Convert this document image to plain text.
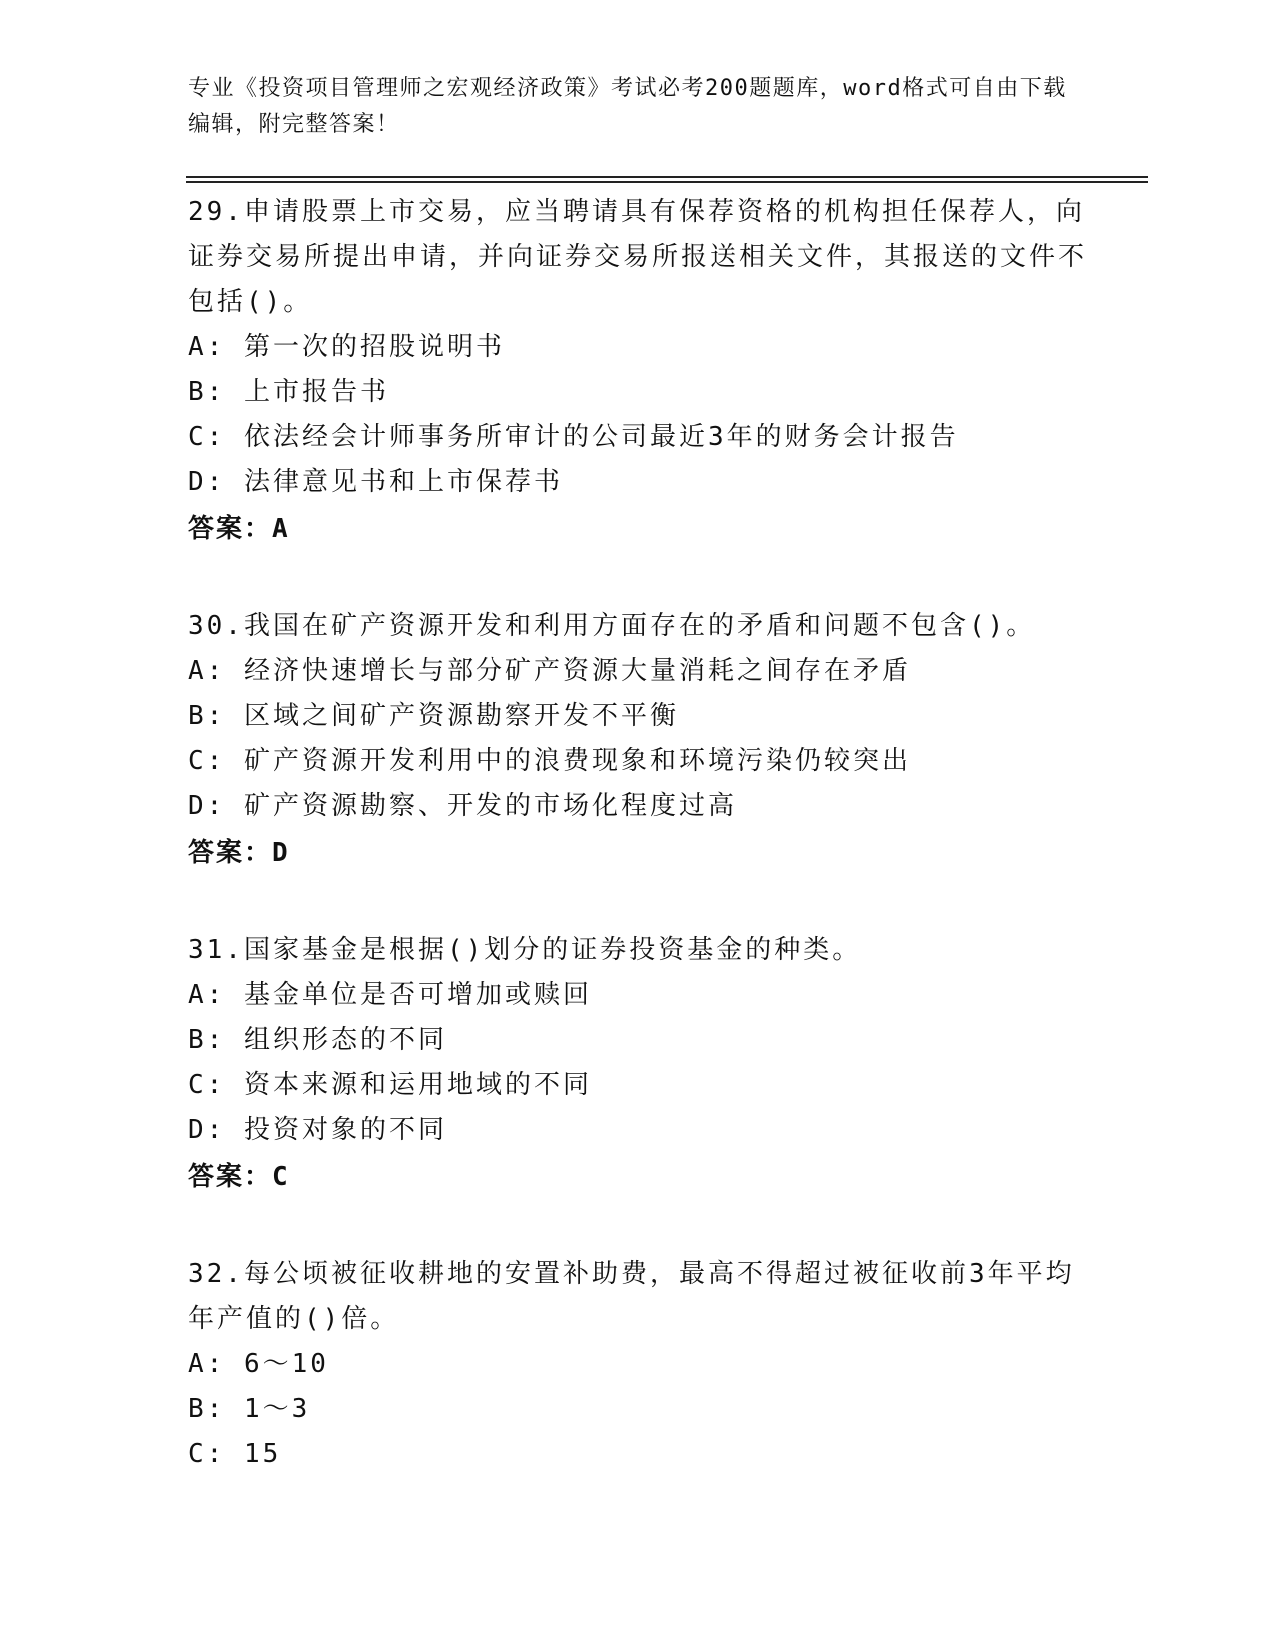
专业《投资项目管理师之宏观经济政策》考试必考200题题库，word格式可自由下载编辑，附完整答案！
29.申请股票上市交易，应当聘请具有保荐资格的机构担任保荐人，向证券交易所提出申请，并向证券交易所报送相关文件，其报送的文件不包括()。
A: 第一次的招股说明书
B: 上市报告书
C: 依法经会计师事务所审计的公司最近3年的财务会计报告
D: 法律意见书和上市保荐书
答案：A
30.我国在矿产资源开发和利用方面存在的矛盾和问题不包含()。
A: 经济快速增长与部分矿产资源大量消耗之间存在矛盾
B: 区域之间矿产资源勘察开发不平衡
C: 矿产资源开发利用中的浪费现象和环境污染仍较突出
D: 矿产资源勘察、开发的市场化程度过高
答案：D
31.国家基金是根据()划分的证券投资基金的种类。
A: 基金单位是否可增加或赎回
B: 组织形态的不同
C: 资本来源和运用地域的不同
D: 投资对象的不同
答案：C
32.每公顷被征收耕地的安置补助费，最高不得超过被征收前3年平均年产值的()倍。
A: 6～10
B: 1～3
C: 15
